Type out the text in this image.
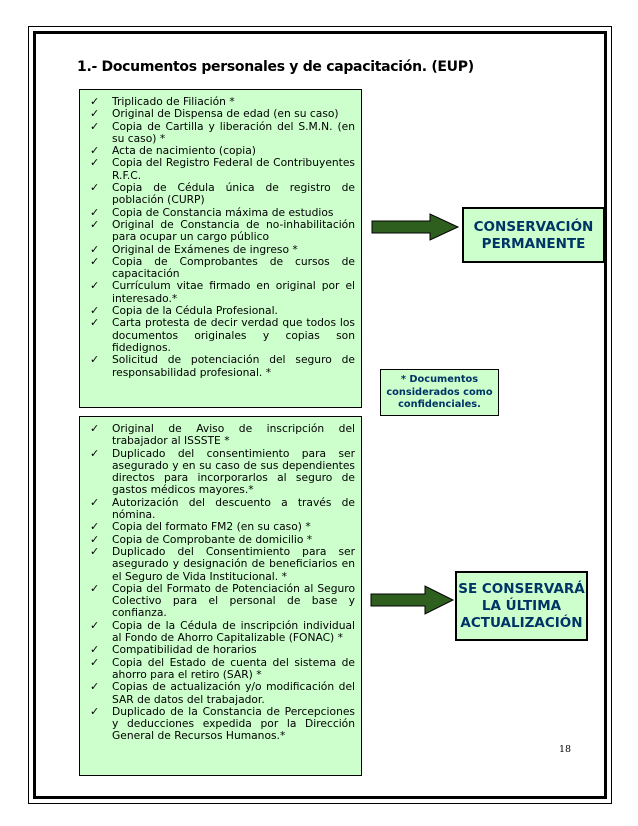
1.- Documentos personales y de capacitación. (EUP)
✓ Triplicado de Filiación *
✓ Original de Dispensa de edad (en su caso)
✓ Copia de Cartilla y liberación del S.M.N. (en su caso) *
✓ Acta de nacimiento (copia)
✓ Copia del Registro Federal de Contribuyentes R.F.C.
✓ Copia de Cédula única de registro de población (CURP)
✓ Copia de Constancia máxima de estudios
✓ Original de Constancia de no-inhabilitación para ocupar un cargo público
✓ Original de Exámenes de ingreso *
✓ Copia de Comprobantes de cursos de capacitación
✓ Currículum vitae firmado en original por el interesado.*
✓ Copia de la Cédula Profesional.
✓ Carta protesta de decir verdad que todos los documentos originales y copias son fidedignos.
✓ Solicitud de potenciación del seguro de responsabilidad profesional. *
✓ Original de Aviso de inscripción del trabajador al ISSSTE *
✓ Duplicado del consentimiento para ser asegurado y en su caso de sus dependientes directos para incorporarlos al seguro de gastos médicos mayores.*
✓ Autorización del descuento a través de nómina.
✓ Copia del formato FM2 (en su caso) *
✓ Copia de Comprobante de domicilio *
✓ Duplicado del Consentimiento para ser asegurado y designación de beneficiarios en el Seguro de Vida Institucional. *
✓ Copia del Formato de Potenciación al Seguro Colectivo para el personal de base y confianza.
✓ Copia de la Cédula de inscripción individual al Fondo de Ahorro Capitalizable (FONAC) *
✓ Compatibilidad de horarios
✓ Copia del Estado de cuenta del sistema de ahorro para el retiro (SAR) *
✓ Copias de actualización y/o modificación del SAR de datos del trabajador.
✓ Duplicado de la Constancia de Percepciones y deducciones expedida por la Dirección General de Recursos Humanos.*
CONSERVACIÓN
PERMANENTE
* Documentos
considerados como
confidenciales.
SE CONSERVARÁ
LA ÚLTIMA
ACTUALIZACIÓN
18
